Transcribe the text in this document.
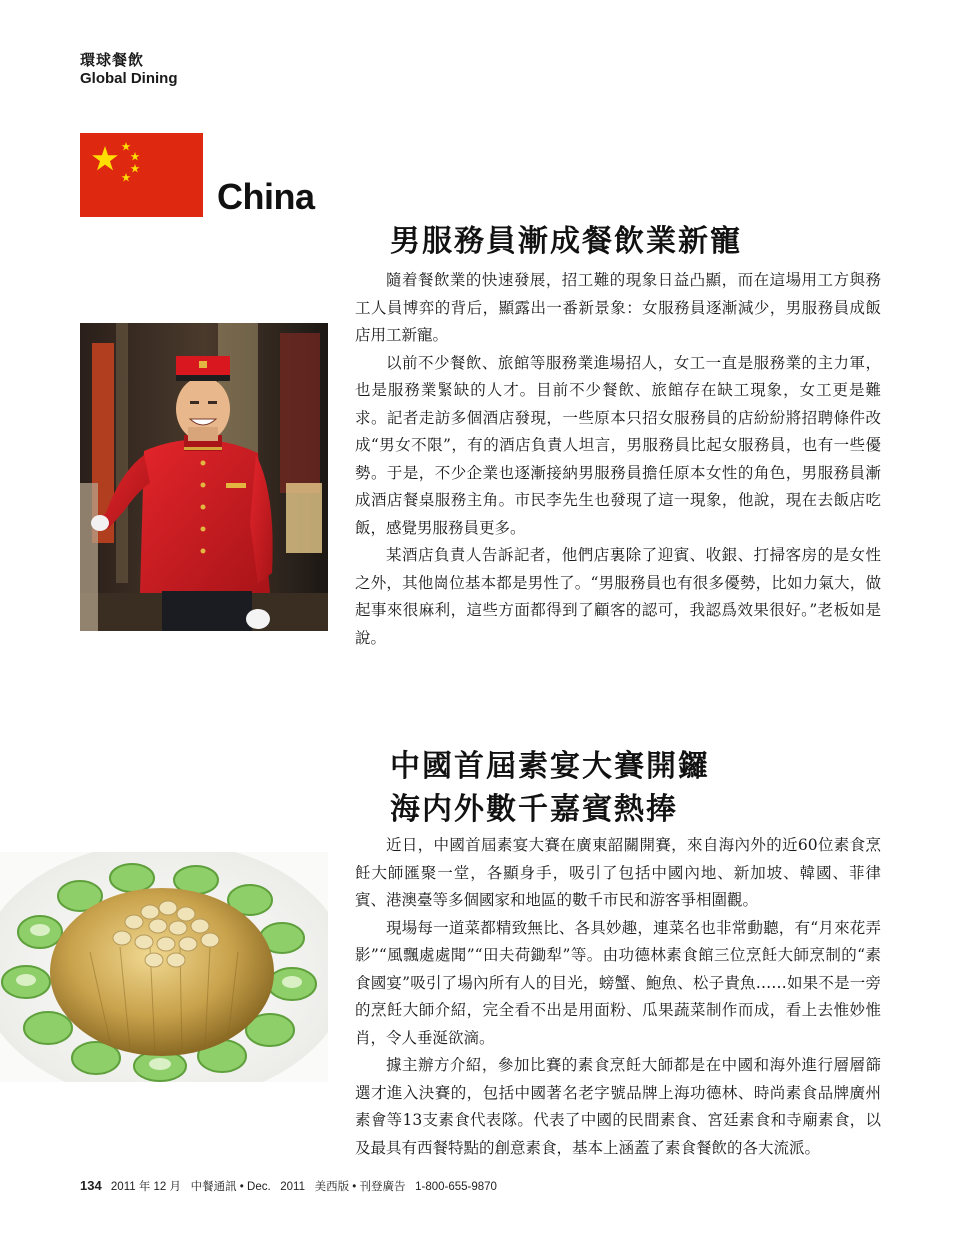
環球餐飲
Global Dining
China
男服務員漸成餐飲業新寵

隨着餐飲業的快速發展，招工難的現象日益凸顯，而在這場用工方與務工人員博弈的背后，顯露出一番新景象：女服務員逐漸減少，男服務員成飯店用工新寵。

以前不少餐飲、旅館等服務業進場招人，女工一直是服務業的主力軍，也是服務業緊缺的人才。目前不少餐飲、旅館存在缺工現象，女工更是難求。記者走訪多個酒店發現，一些原本只招女服務員的店紛紛將招聘條件改成“男女不限”，有的酒店負責人坦言，男服務員比起女服務員，也有一些優勢。于是，不少企業也逐漸接納男服務員擔任原本女性的角色，男服務員漸成酒店餐桌服務主角。市民李先生也發現了這一現象，他說，現在去飯店吃飯，感覺男服務員更多。

某酒店負責人告訴記者，他們店裏除了迎賓、收銀、打掃客房的是女性之外，其他崗位基本都是男性了。“男服務員也有很多優勢，比如力氣大，做起事來很麻利，這些方面都得到了顧客的認可，我認爲效果很好。”老板如是說。

中國首屆素宴大賽開鑼
海内外數千嘉賓熱捧

近日，中國首屆素宴大賽在廣東韶關開賽，來自海內外的近60位素食烹飪大師匯聚一堂，各顯身手，吸引了包括中國內地、新加坡、韓國、菲律賓、港澳臺等多個國家和地區的數千市民和游客爭相圍觀。

現場每一道菜都精致無比、各具妙趣，連菜名也非常動聽，有“月來花弄影”“風飄處處聞”“田夫荷鋤犁”等。由功德林素食館三位烹飪大師烹制的“素食國宴”吸引了場內所有人的目光，螃蟹、鮑魚、松子貴魚……如果不是一旁的烹飪大師介紹，完全看不出是用面粉、瓜果蔬菜制作而成，看上去惟妙惟肖，令人垂涎欲滴。

據主辦方介紹，參加比賽的素食烹飪大師都是在中國和海外進行層層篩選才進入決賽的，包括中國著名老字號品牌上海功德林、時尚素食品牌廣州素會等13支素食代表隊。代表了中國的民間素食、宮廷素食和寺廟素食，以及最具有西餐特點的創意素食，基本上涵蓋了素食餐飲的各大流派。

134 2011 年 12 月 中餐通訊 • Dec. 2011 美西版 • 刊登廣告 1-800-655-9870
